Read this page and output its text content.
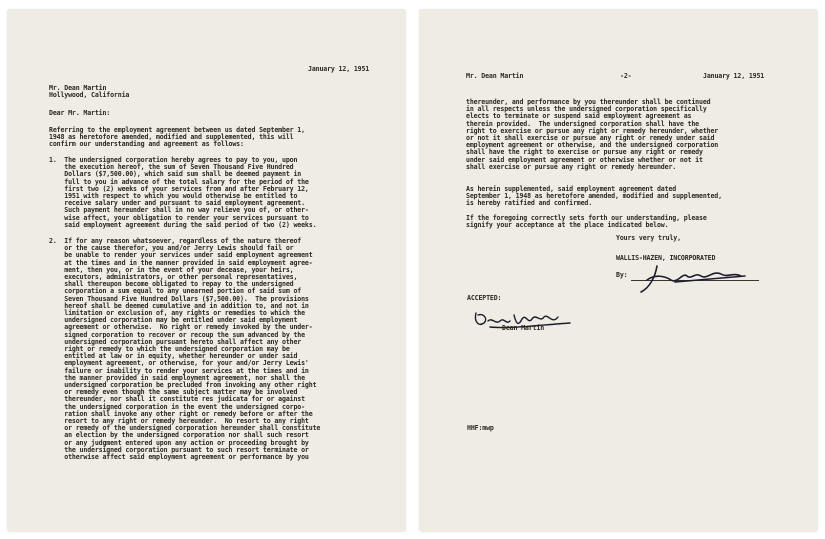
January 12, 1951
Mr. Dean Martin
Hollywood, California
Dear Mr. Martin:
Referring to the employment agreement between us dated September 1,
1948 as heretofore amended, modified and supplemented, this will
confirm our understanding and agreement as follows:
1.  The undersigned corporation hereby agrees to pay to you, upon
the execution hereof, the sum of Seven Thousand Five Hundred
Dollars ($7,500.00), which said sum shall be deemed payment in
full to you in advance of the total salary for the period of the
first two (2) weeks of your services from and after February 12,
1951 with respect to which you would otherwise be entitled to
receive salary under and pursuant to said employment agreement.
Such payment hereunder shall in no way relieve you of, or other-
wise affect, your obligation to render your services pursuant to
said employment agreement during the said period of two (2) weeks.
2.  If for any reason whatsoever, regardless of the nature thereof
or the cause therefor, you and/or Jerry Lewis should fail or
be unable to render your services under said employment agreement
at the times and in the manner provided in said employment agree-
ment, then you, or in the event of your decease, your heirs,
executors, administrators, or other personal representatives,
shall thereupon become obligated to repay to the undersigned
corporation a sum equal to any unearned portion of said sum of
Seven Thousand Five Hundred Dollars ($7,500.00).  The provisions
hereof shall be deemed cumulative and in addition to, and not in
limitation or exclusion of, any rights or remedies to which the
undersigned corporation may be entitled under said employment
agreement or otherwise.  No right or remedy invoked by the under-
signed corporation to recover or recoup the sum advanced by the
undersigned corporation pursuant hereto shall affect any other
right or remedy to which the undersigned corporation may be
entitled at law or in equity, whether hereunder or under said
employment agreement, or otherwise, for your and/or Jerry Lewis'
failure or inability to render your services at the times and in
the manner provided in said employment agreement, nor shall the
undersigned corporation be precluded from invoking any other right
or remedy even though the same subject matter may be involved
thereunder, nor shall it constitute res judicata for or against
the undersigned corporation in the event the undersigned corpo-
ration shall invoke any other right or remedy before or after the
resort to any right or remedy hereunder.  No resort to any right
or remedy of the undersigned corporation hereunder shall constitute
an election by the undersigned corporation nor shall such resort
or any judgment entered upon any action or proceeding brought by
the undersigned corporation pursuant to such resort terminate or
otherwise affect said employment agreement or performance by you
Mr. Dean Martin	-2-	January 12, 1951
thereunder, and performance by you thereunder shall be continued
in all respects unless the undersigned corporation specifically
elects to terminate or suspend said employment agreement as
therein provided.  The undersigned corporation shall have the
right to exercise or pursue any right or remedy hereunder, whether
or not it shall exercise or pursue any right or remedy under said
employment agreement or otherwise, and the undersigned corporation
shall have the right to exercise or pursue any right or remedy
under said employment agreement or otherwise whether or not it
shall exercise or pursue any right or remedy hereunder.
As herein supplemented, said employment agreement dated
September 1, 1948 as heretofore amended, modified and supplemented,
is hereby ratified and confirmed.
If the foregoing correctly sets forth our understanding, please
signify your acceptance at the place indicated below.
Yours very truly,
WALLIS-HAZEN, INCORPORATED
By:
ACCEPTED:
Dean Martin
HHF:mwp
